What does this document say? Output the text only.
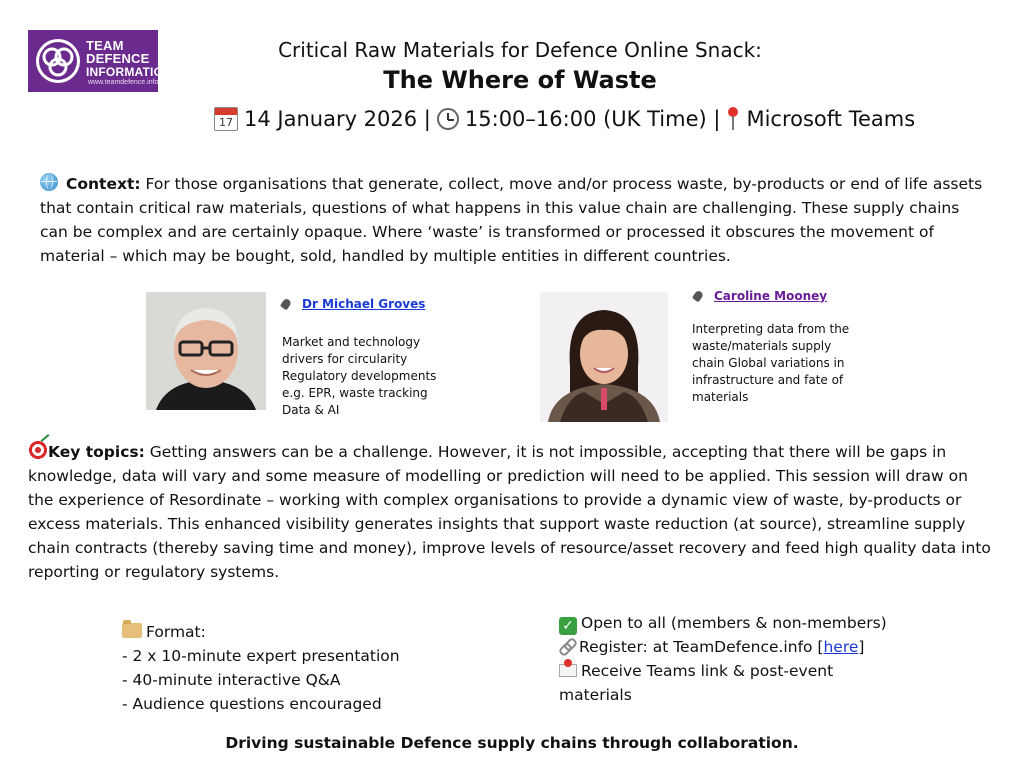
TEAM
DEFENCE
INFORMATION
www.teamdefence.info
Critical Raw Materials for Defence Online Snack:
The Where of Waste
17 14 January 2026 | 15:00–16:00 (UK Time) | Microsoft Teams
Context: For those organisations that generate, collect, move and/or process waste, by-products or end of life assets that contain critical raw materials, questions of what happens in this value chain are challenging. These supply chains can be complex and are certainly opaque. Where ‘waste’ is transformed or processed it obscures the movement of material – which may be bought, sold, handled by multiple entities in different countries.
Dr Michael Groves
Market and technology
drivers for circularity
Regulatory developments
e.g. EPR, waste tracking
Data & AI
Caroline Mooney
Interpreting data from the
waste/materials supply
chain Global variations in
infrastructure and fate of
materials
Key topics: Getting answers can be a challenge. However, it is not impossible, accepting that there will be gaps in knowledge, data will vary and some measure of modelling or prediction will need to be applied. This session will draw on the experience of Resordinate – working with complex organisations to provide a dynamic view of waste, by-products or excess materials. This enhanced visibility generates insights that support waste reduction (at source), streamline supply chain contracts (thereby saving time and money), improve levels of resource/asset recovery and feed high quality data into reporting or regulatory systems.
Format:
- 2 x 10-minute expert presentation
- 40-minute interactive Q&A
- Audience questions encouraged
✓ Open to all (members & non-members)
Register: at TeamDefence.info [here]
Receive Teams link & post-event
materials
Driving sustainable Defence supply chains through collaboration.
